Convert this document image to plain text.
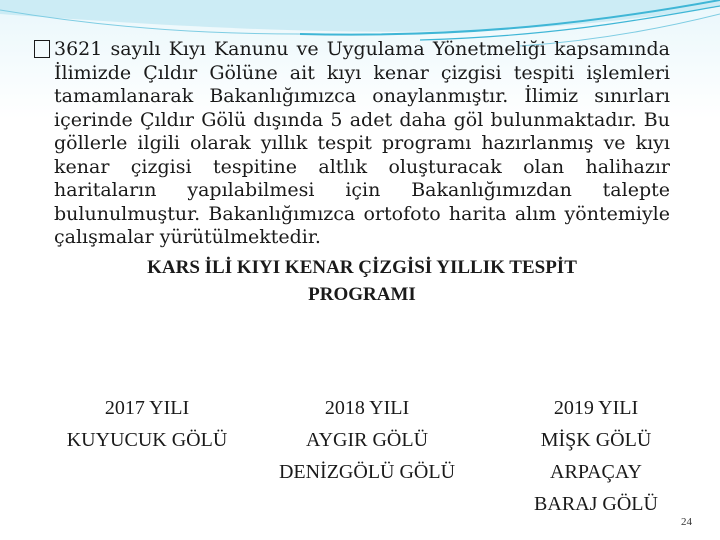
3621 sayılı Kıyı Kanunu ve Uygulama Yönetmeliği kapsamında İlimizde Çıldır Gölüne ait kıyı kenar çizgisi tespiti işlemleri tamamlanarak Bakanlığımızca onaylanmıştır. İlimiz sınırları içerinde Çıldır Gölü dışında 5 adet daha göl bulunmaktadır. Bu göllerle ilgili olarak yıllık tespit programı hazırlanmış ve kıyı kenar çizgisi tespitine altlık oluşturacak olan halihazır haritaların yapılabilmesi için Bakanlığımızdan talepte bulunulmuştur. Bakanlığımızca ortofoto harita alım yöntemiyle çalışmalar yürütülmektedir.

KARS İLİ KIYI KENAR ÇİZGİSİ YILLIK TESPİT
PROGRAMI
2017 YILI
KUYUCUK GÖLÜ
2018 YILI
AYGIR GÖLÜ
DENİZGÖLÜ GÖLÜ
2019 YILI
MİŞK GÖLÜ
ARPAÇAY
BARAJ GÖLÜ
24
